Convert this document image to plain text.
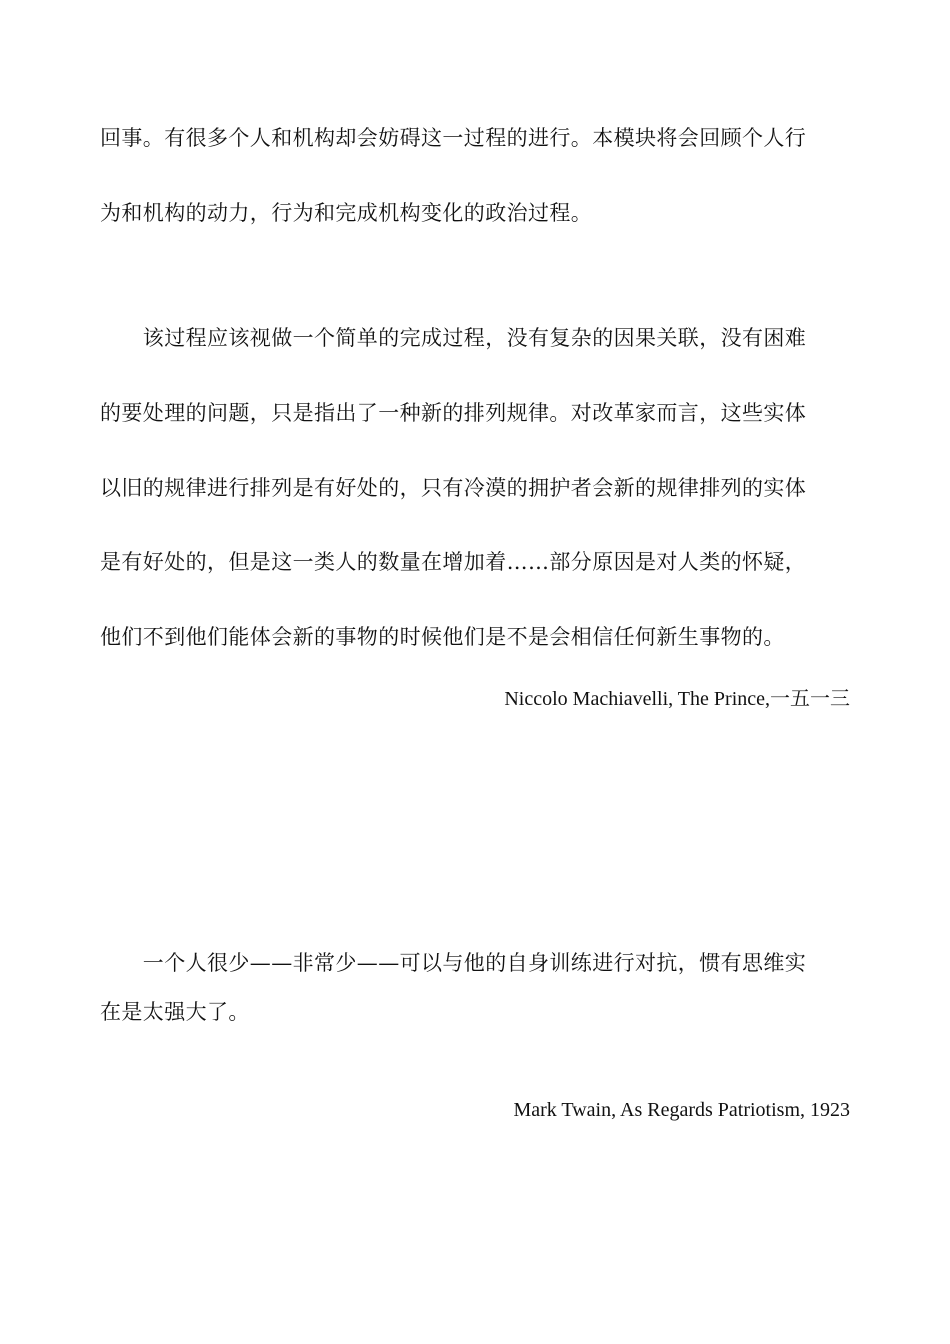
回事。有很多个人和机构却会妨碍这一过程的进行。本模块将会回顾个人行
为和机构的动力，行为和完成机构变化的政治过程。
　　该过程应该视做一个简单的完成过程，没有复杂的因果关联，没有困难
的要处理的问题，只是指出了一种新的排列规律。对改革家而言，这些实体
以旧的规律进行排列是有好处的，只有冷漠的拥护者会新的规律排列的实体
是有好处的，但是这一类人的数量在增加着……部分原因是对人类的怀疑，
他们不到他们能体会新的事物的时候他们是不是会相信任何新生事物的。
Niccolo Machiavelli, The Prince,一五一三
　　一个人很少——非常少——可以与他的自身训练进行对抗，惯有思维实
在是太强大了。
Mark Twain, As Regards Patriotism, 1923
